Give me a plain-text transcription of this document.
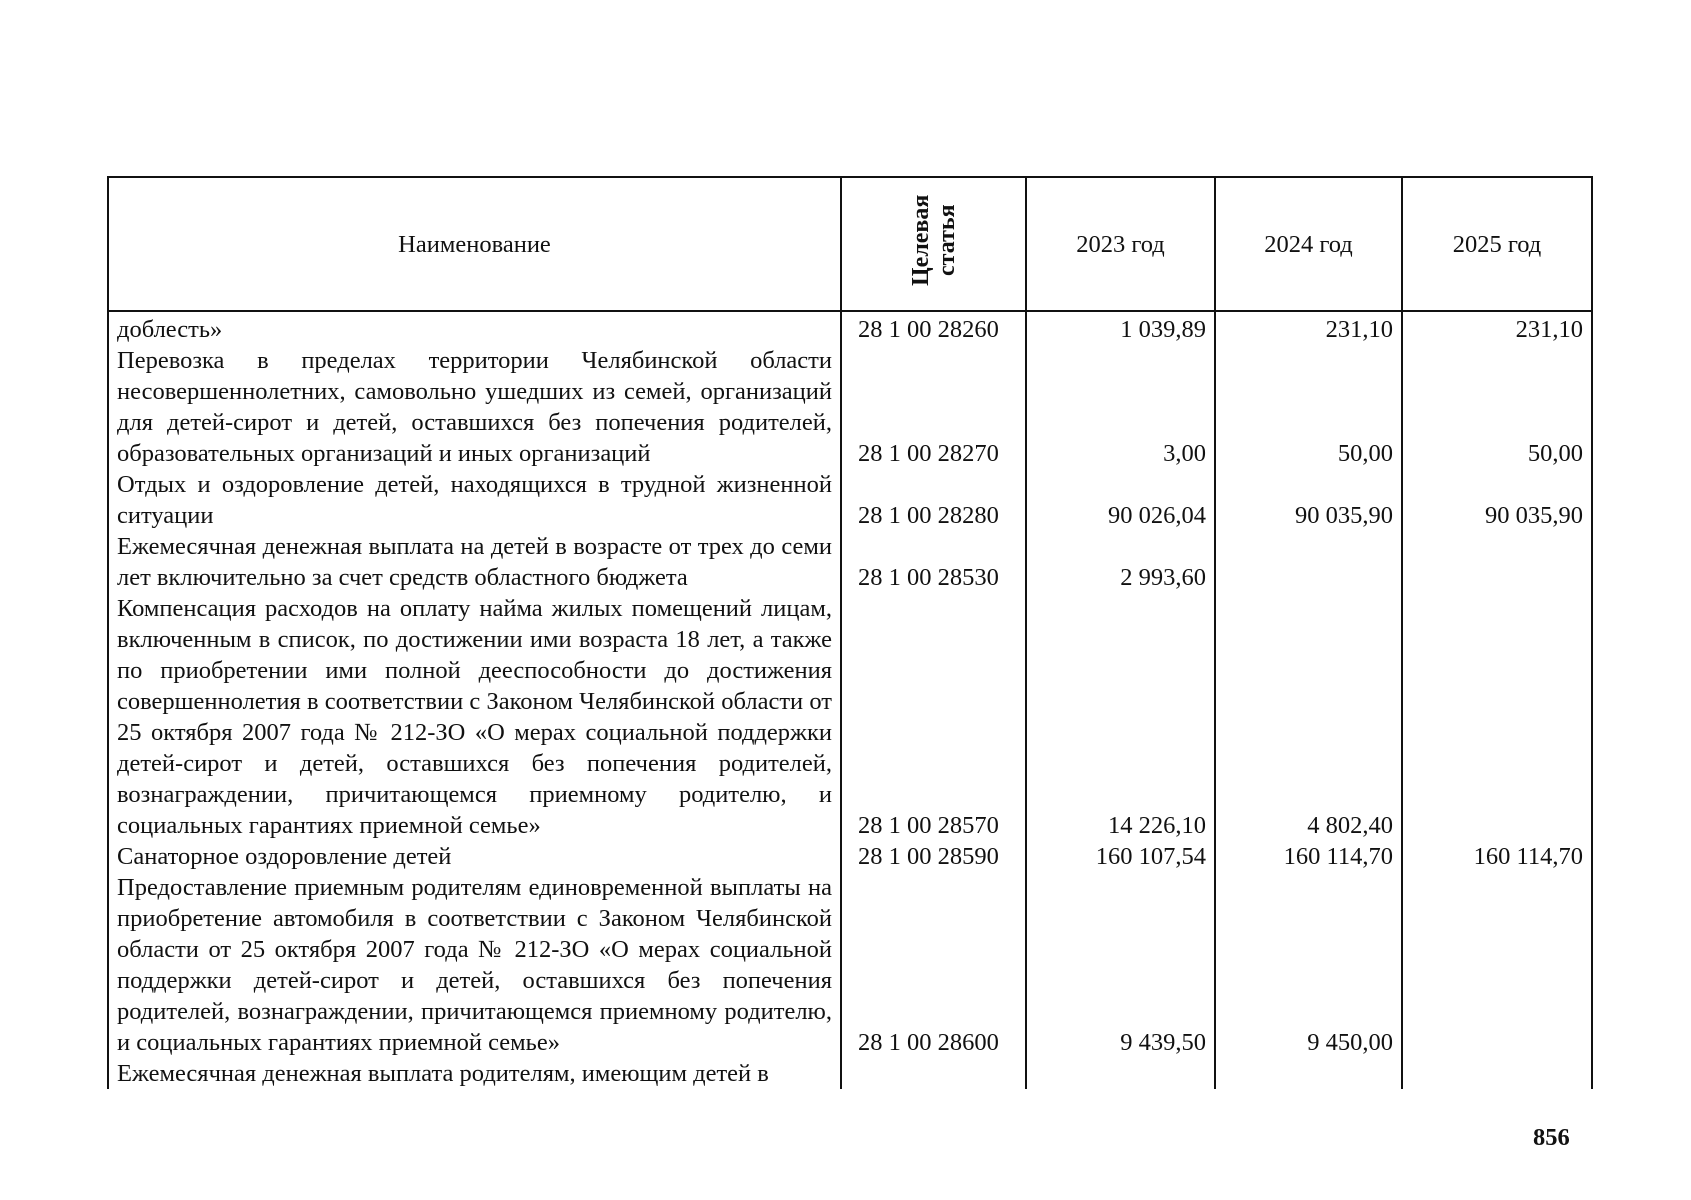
Наименование	Целевая статья	2023 год	2024 год	2025 год
доблесть»	28 1 00 28260	1 039,89	231,10	231,10
Перевозка в пределах территории Челябинской области несовершеннолетних, самовольно ушедших из семей, организаций для детей-сирот и детей, оставшихся без попечения родителей, образовательных организаций и иных организаций	28 1 00 28270	3,00	50,00	50,00
Отдых и оздоровление детей, находящихся в трудной жизненной ситуации	28 1 00 28280	90 026,04	90 035,90	90 035,90
Ежемесячная денежная выплата на детей в возрасте от трех до семи лет включительно за счет средств областного бюджета	28 1 00 28530	2 993,60		
Компенсация расходов на оплату найма жилых помещений лицам, включенным в список, по достижении ими возраста 18 лет, а также по приобретении ими полной дееспособности до достижения совершеннолетия в соответствии с Законом Челябинской области от 25 октября 2007 года № 212-ЗО «О мерах социальной поддержки детей-сирот и детей, оставшихся без попечения родителей, вознаграждении, причитающемся приемному родителю, и социальных гарантиях приемной семье»	28 1 00 28570	14 226,10	4 802,40	
Санаторное оздоровление детей	28 1 00 28590	160 107,54	160 114,70	160 114,70
Предоставление приемным родителям единовременной выплаты на приобретение автомобиля в соответствии с Законом Челябинской области от 25 октября 2007 года № 212-ЗО «О мерах социальной поддержки детей-сирот и детей, оставшихся без попечения родителей, вознаграждении, причитающемся приемному родителю, и социальных гарантиях приемной семье»	28 1 00 28600	9 439,50	9 450,00	
Ежемесячная денежная выплата родителям, имеющим детей в				
856
